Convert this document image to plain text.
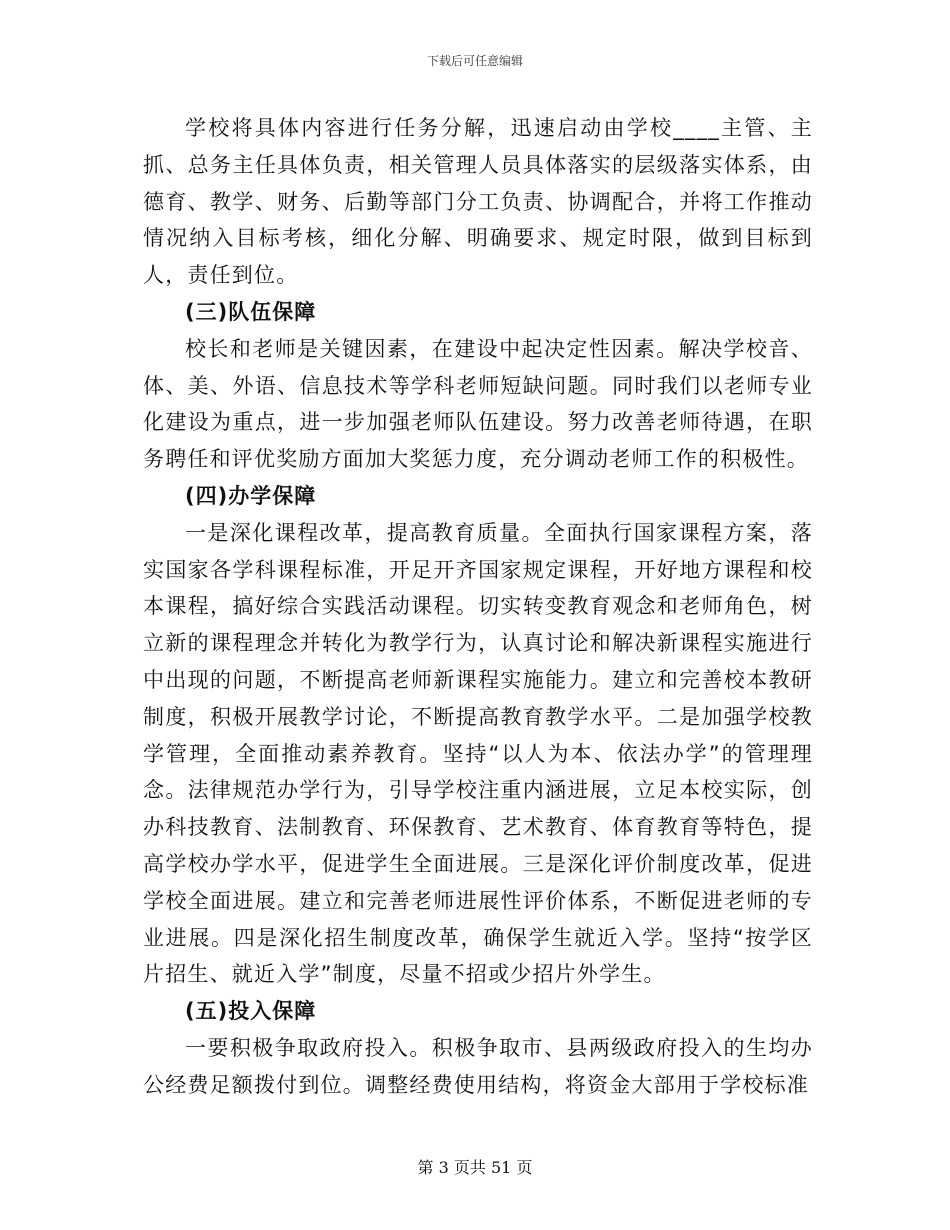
下载后可任意编辑

学校将具体内容进行任务分解，迅速启动由学校____主管、主抓、总务主任具体负责，相关管理人员具体落实的层级落实体系，由德育、教学、财务、后勤等部门分工负责、协调配合，并将工作推动情况纳入目标考核，细化分解、明确要求、规定时限，做到目标到人，责任到位。

(三)队伍保障

校长和老师是关键因素，在建设中起决定性因素。解决学校音、体、美、外语、信息技术等学科老师短缺问题。同时我们以老师专业化建设为重点，进一步加强老师队伍建设。努力改善老师待遇，在职务聘任和评优奖励方面加大奖惩力度，充分调动老师工作的积极性。

(四)办学保障

一是深化课程改革，提高教育质量。全面执行国家课程方案，落实国家各学科课程标准，开足开齐国家规定课程，开好地方课程和校本课程，搞好综合实践活动课程。切实转变教育观念和老师角色，树立新的课程理念并转化为教学行为，认真讨论和解决新课程实施进行中出现的问题，不断提高老师新课程实施能力。建立和完善校本教研制度，积极开展教学讨论，不断提高教育教学水平。二是加强学校教学管理，全面推动素养教育。坚持“以人为本、依法办学”的管理理念。法律规范办学行为，引导学校注重内涵进展，立足本校实际，创办科技教育、法制教育、环保教育、艺术教育、体育教育等特色，提高学校办学水平，促进学生全面进展。三是深化评价制度改革，促进学校全面进展。建立和完善老师进展性评价体系，不断促进老师的专业进展。四是深化招生制度改革，确保学生就近入学。坚持“按学区片招生、就近入学”制度，尽量不招或少招片外学生。

(五)投入保障

一要积极争取政府投入。积极争取市、县两级政府投入的生均办公经费足额拨付到位。调整经费使用结构，将资金大部用于学校标准

第 3 页共 51 页
